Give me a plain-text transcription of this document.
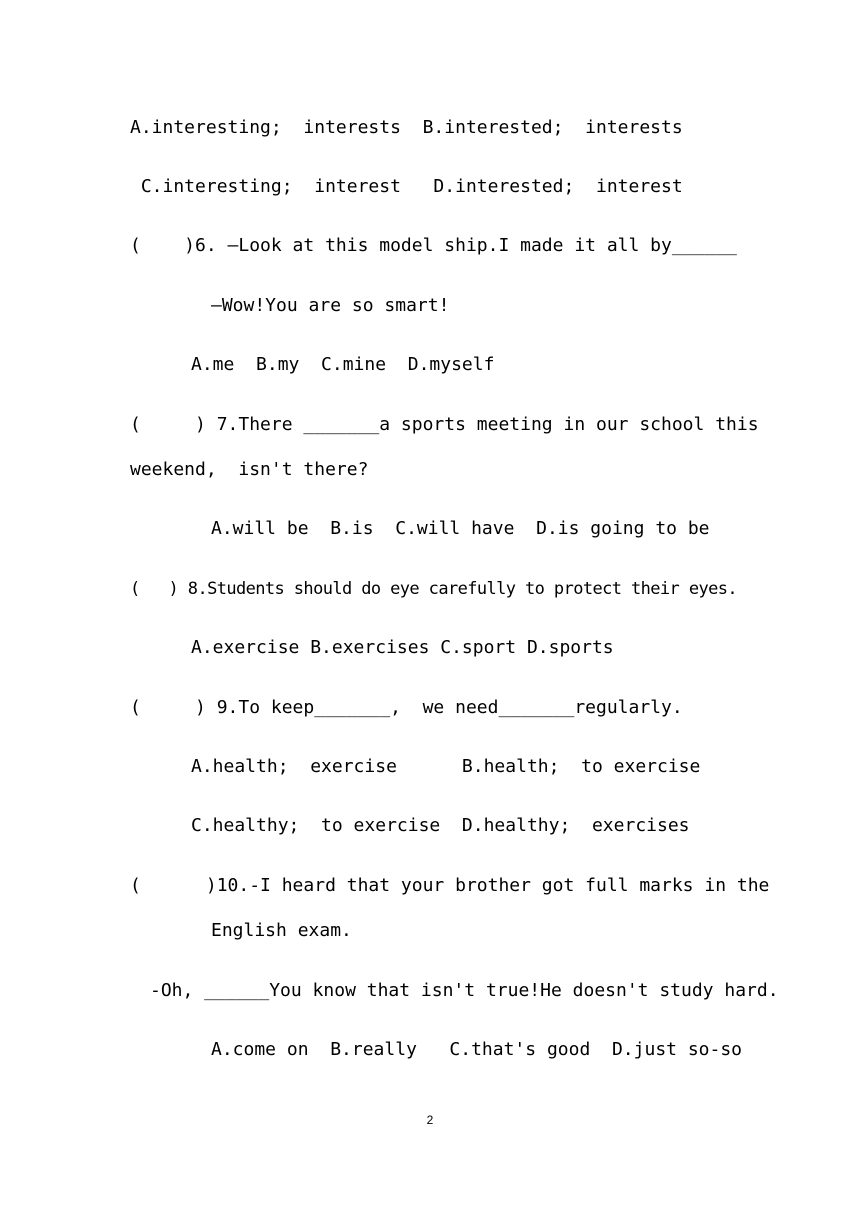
A.interesting;  interests  B.interested;  interests
C.interesting;  interest   D.interested;  interest
(    )6. —Look at this model ship.I made it all by______
—Wow!You are so smart!
A.me  B.my  C.mine  D.myself
(     ) 7.There _______a sports meeting in our school this
weekend,  isn't there?
A.will be  B.is  C.will have  D.is going to be
(   ) 8.Students should do eye carefully to protect their eyes.
A.exercise B.exercises C.sport D.sports
(     ) 9.To keep_______,  we need_______regularly.
A.health;  exercise      B.health;  to exercise
C.healthy;  to exercise  D.healthy;  exercises
(      )10.-I heard that your brother got full marks in the
English exam.
-Oh, ______You know that isn't true!He doesn't study hard.
A.come on  B.really   C.that's good  D.just so-so
2
